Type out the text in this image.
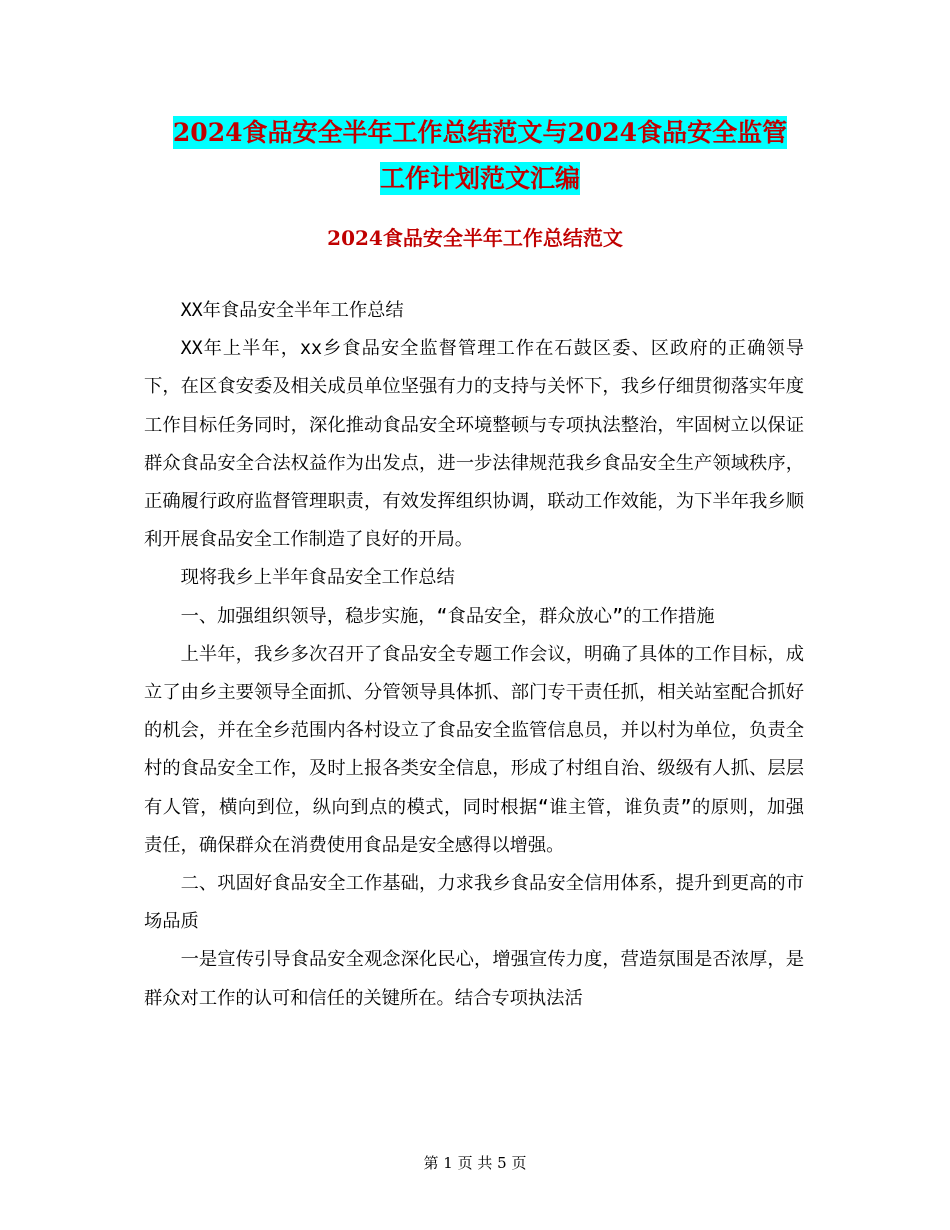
2024食品安全半年工作总结范文与2024食品安全监管
工作计划范文汇编
2024食品安全半年工作总结范文

XX年食品安全半年工作总结

XX年上半年，xx乡食品安全监督管理工作在石鼓区委、区政府的正确领导下，在区食安委及相关成员单位坚强有力的支持与关怀下，我乡仔细贯彻落实年度工作目标任务同时，深化推动食品安全环境整顿与专项执法整治，牢固树立以保证群众食品安全合法权益作为出发点，进一步法律规范我乡食品安全生产领域秩序，正确履行政府监督管理职责，有效发挥组织协调，联动工作效能，为下半年我乡顺利开展食品安全工作制造了良好的开局。

现将我乡上半年食品安全工作总结

一、加强组织领导，稳步实施，“食品安全，群众放心”的工作措施

上半年，我乡多次召开了食品安全专题工作会议，明确了具体的工作目标，成立了由乡主要领导全面抓、分管领导具体抓、部门专干责任抓，相关站室配合抓好的机会，并在全乡范围内各村设立了食品安全监管信息员，并以村为单位，负责全村的食品安全工作，及时上报各类安全信息，形成了村组自治、级级有人抓、层层有人管，横向到位，纵向到点的模式，同时根据“谁主管，谁负责”的原则，加强责任，确保群众在消费使用食品是安全感得以增强。

二、巩固好食品安全工作基础，力求我乡食品安全信用体系，提升到更高的市场品质

一是宣传引导食品安全观念深化民心，增强宣传力度，营造氛围是否浓厚，是群众对工作的认可和信任的关键所在。结合专项执法活

第 1 页 共 5 页
